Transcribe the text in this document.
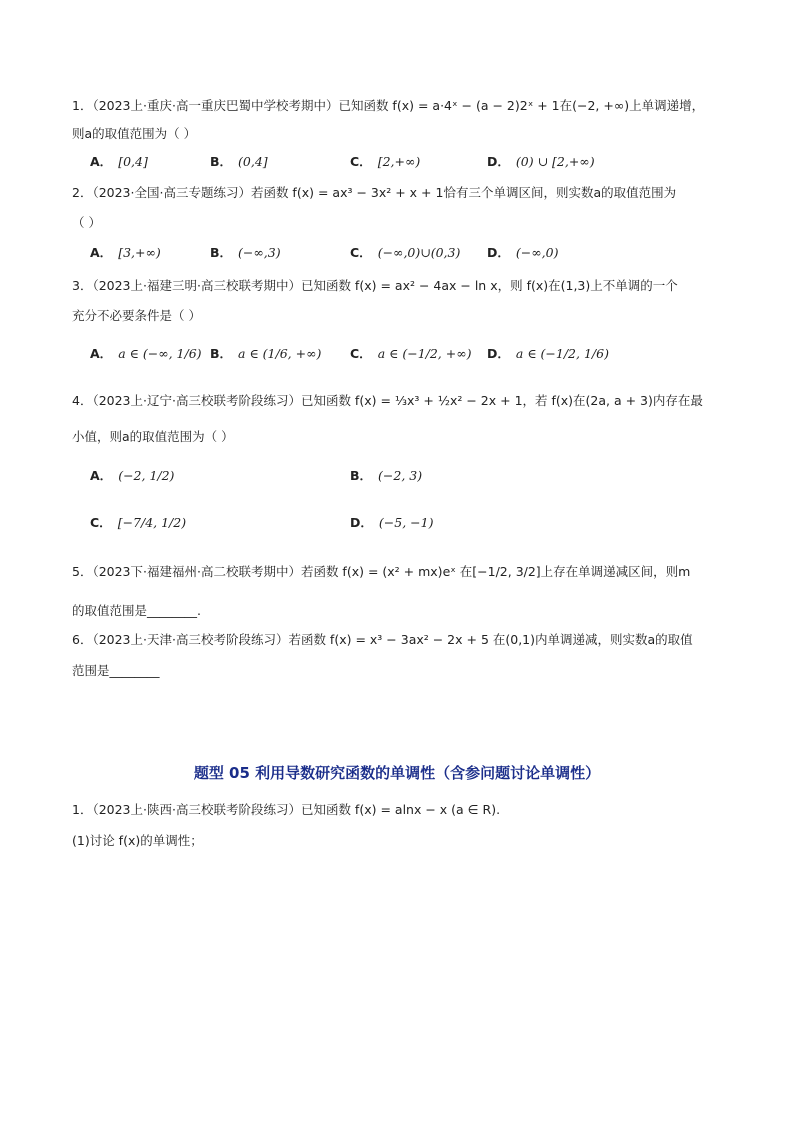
1．（2023上·重庆·高一重庆巴蜀中学校考期中）已知函数 f(x) = a·4ˣ − (a − 2)2ˣ + 1在(−2, +∞)上单调递增，
则a的取值范围为（ ）
A． [0,4]	B． (0,4]	C． [2,+∞)	D． (0) ∪ [2,+∞)
2．（2023·全国·高三专题练习）若函数 f(x) = ax³ − 3x² + x + 1恰有三个单调区间，则实数a的取值范围为
（ ）
A． [3,+∞)	B． (−∞,3)	C． (−∞,0)∪(0,3) D． (−∞,0)
3．（2023上·福建三明·高三校联考期中）已知函数 f(x) = ax² − 4ax − ln x，则 f(x)在(1,3)上不单调的一个
充分不必要条件是（ ）
A． a ∈ (−∞, 1/6) B． a ∈ (1/6, +∞) C． a ∈ (−1/2, +∞) D． a ∈ (−1/2, 1/6)
4．（2023上·辽宁·高三校联考阶段练习）已知函数 f(x) = ⅓x³ + ½x² − 2x + 1，若 f(x)在(2a, a + 3)内存在最
小值，则a的取值范围为（ ）
A． (−2, 1/2)	B． (−2, 3)
C． [−7/4, 1/2)	D． (−5, −1)
5．（2023下·福建福州·高二校联考期中）若函数 f(x) = (x² + mx)eˣ 在[−1/2, 3/2]上存在单调递减区间，则m
的取值范围是________.
6．（2023上·天津·高三校考阶段练习）若函数 f(x) = x³ − 3ax² − 2x + 5 在(0,1)内单调递减，则实数a的取值
范围是________
题型 05 利用导数研究函数的单调性（含参问题讨论单调性）
1．（2023上·陕西·高三校联考阶段练习）已知函数 f(x) = alnx − x (a ∈ R).
(1)讨论 f(x)的单调性；
